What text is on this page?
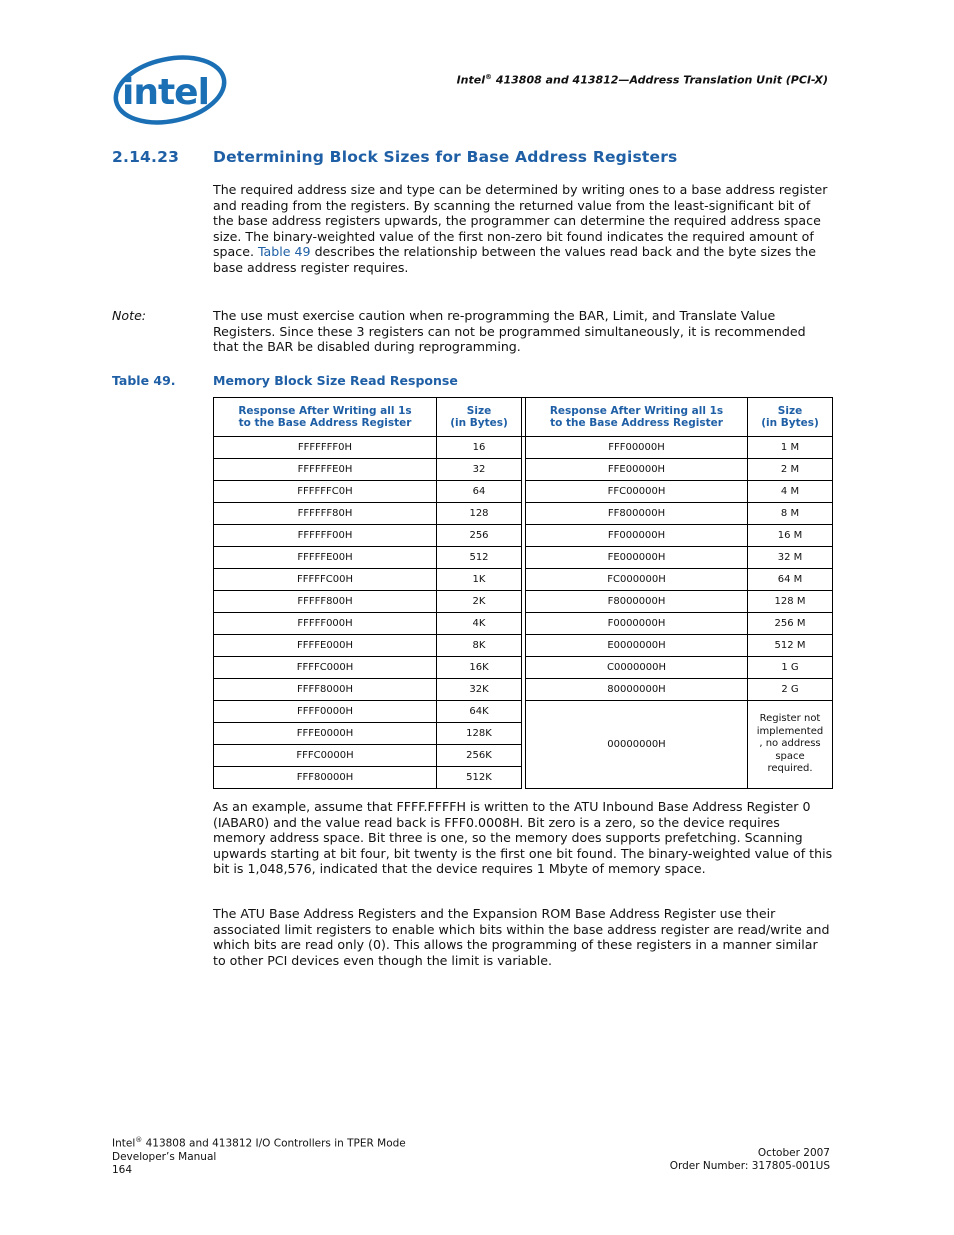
intel	Intel® 413808 and 413812—Address Translation Unit (PCI-X)
2.14.23 Determining Block Sizes for Base Address Registers
The required address size and type can be determined by writing ones to a base address register and reading from the registers. By scanning the returned value from the least-significant bit of the base address registers upwards, the programmer can determine the required address space size. The binary-weighted value of the first non-zero bit found indicates the required amount of space. Table 49 describes the relationship between the values read back and the byte sizes the base address register requires.
Note:	The use must exercise caution when re-programming the BAR, Limit, and Translate Value Registers. Since these 3 registers can not be programmed simultaneously, it is recommended that the BAR be disabled during reprogramming.
Table 49.	Memory Block Size Read Response
Response After Writing all 1s
to the Base Address Register	Size
(in Bytes)		Response After Writing all 1s
to the Base Address Register	Size
(in Bytes)
FFFFFFF0H	16		FFF00000H	1 M
FFFFFFE0H	32		FFE00000H	2 M
FFFFFFC0H	64		FFC00000H	4 M
FFFFFF80H	128		FF800000H	8 M
FFFFFF00H	256		FF000000H	16 M
FFFFFE00H	512		FE000000H	32 M
FFFFFC00H	1K		FC000000H	64 M
FFFFF800H	2K		F8000000H	128 M
FFFFF000H	4K		F0000000H	256 M
FFFFE000H	8K		E0000000H	512 M
FFFFC000H	16K		C0000000H	1 G
FFFF8000H	32K		80000000H	2 G
FFFF0000H	64K		00000000H	Register not
implemented
, no address
space
required.

FFFE0000H	128K			
FFFC0000H	256K			
FFF80000H	512K			
As an example, assume that FFFF.FFFFH is written to the ATU Inbound Base Address Register 0 (IABAR0) and the value read back is FFF0.0008H. Bit zero is a zero, so the device requires memory address space. Bit three is one, so the memory does supports prefetching. Scanning upwards starting at bit four, bit twenty is the first one bit found. The binary-weighted value of this bit is 1,048,576, indicated that the device requires 1 Mbyte of memory space.
The ATU Base Address Registers and the Expansion ROM Base Address Register use their associated limit registers to enable which bits within the base address register are read/write and which bits are read only (0). This allows the programming of these registers in a manner similar to other PCI devices even though the limit is variable.
Intel® 413808 and 413812 I/O Controllers in TPER Mode
Developer’s Manual
164
October 2007
Order Number: 317805-001US
